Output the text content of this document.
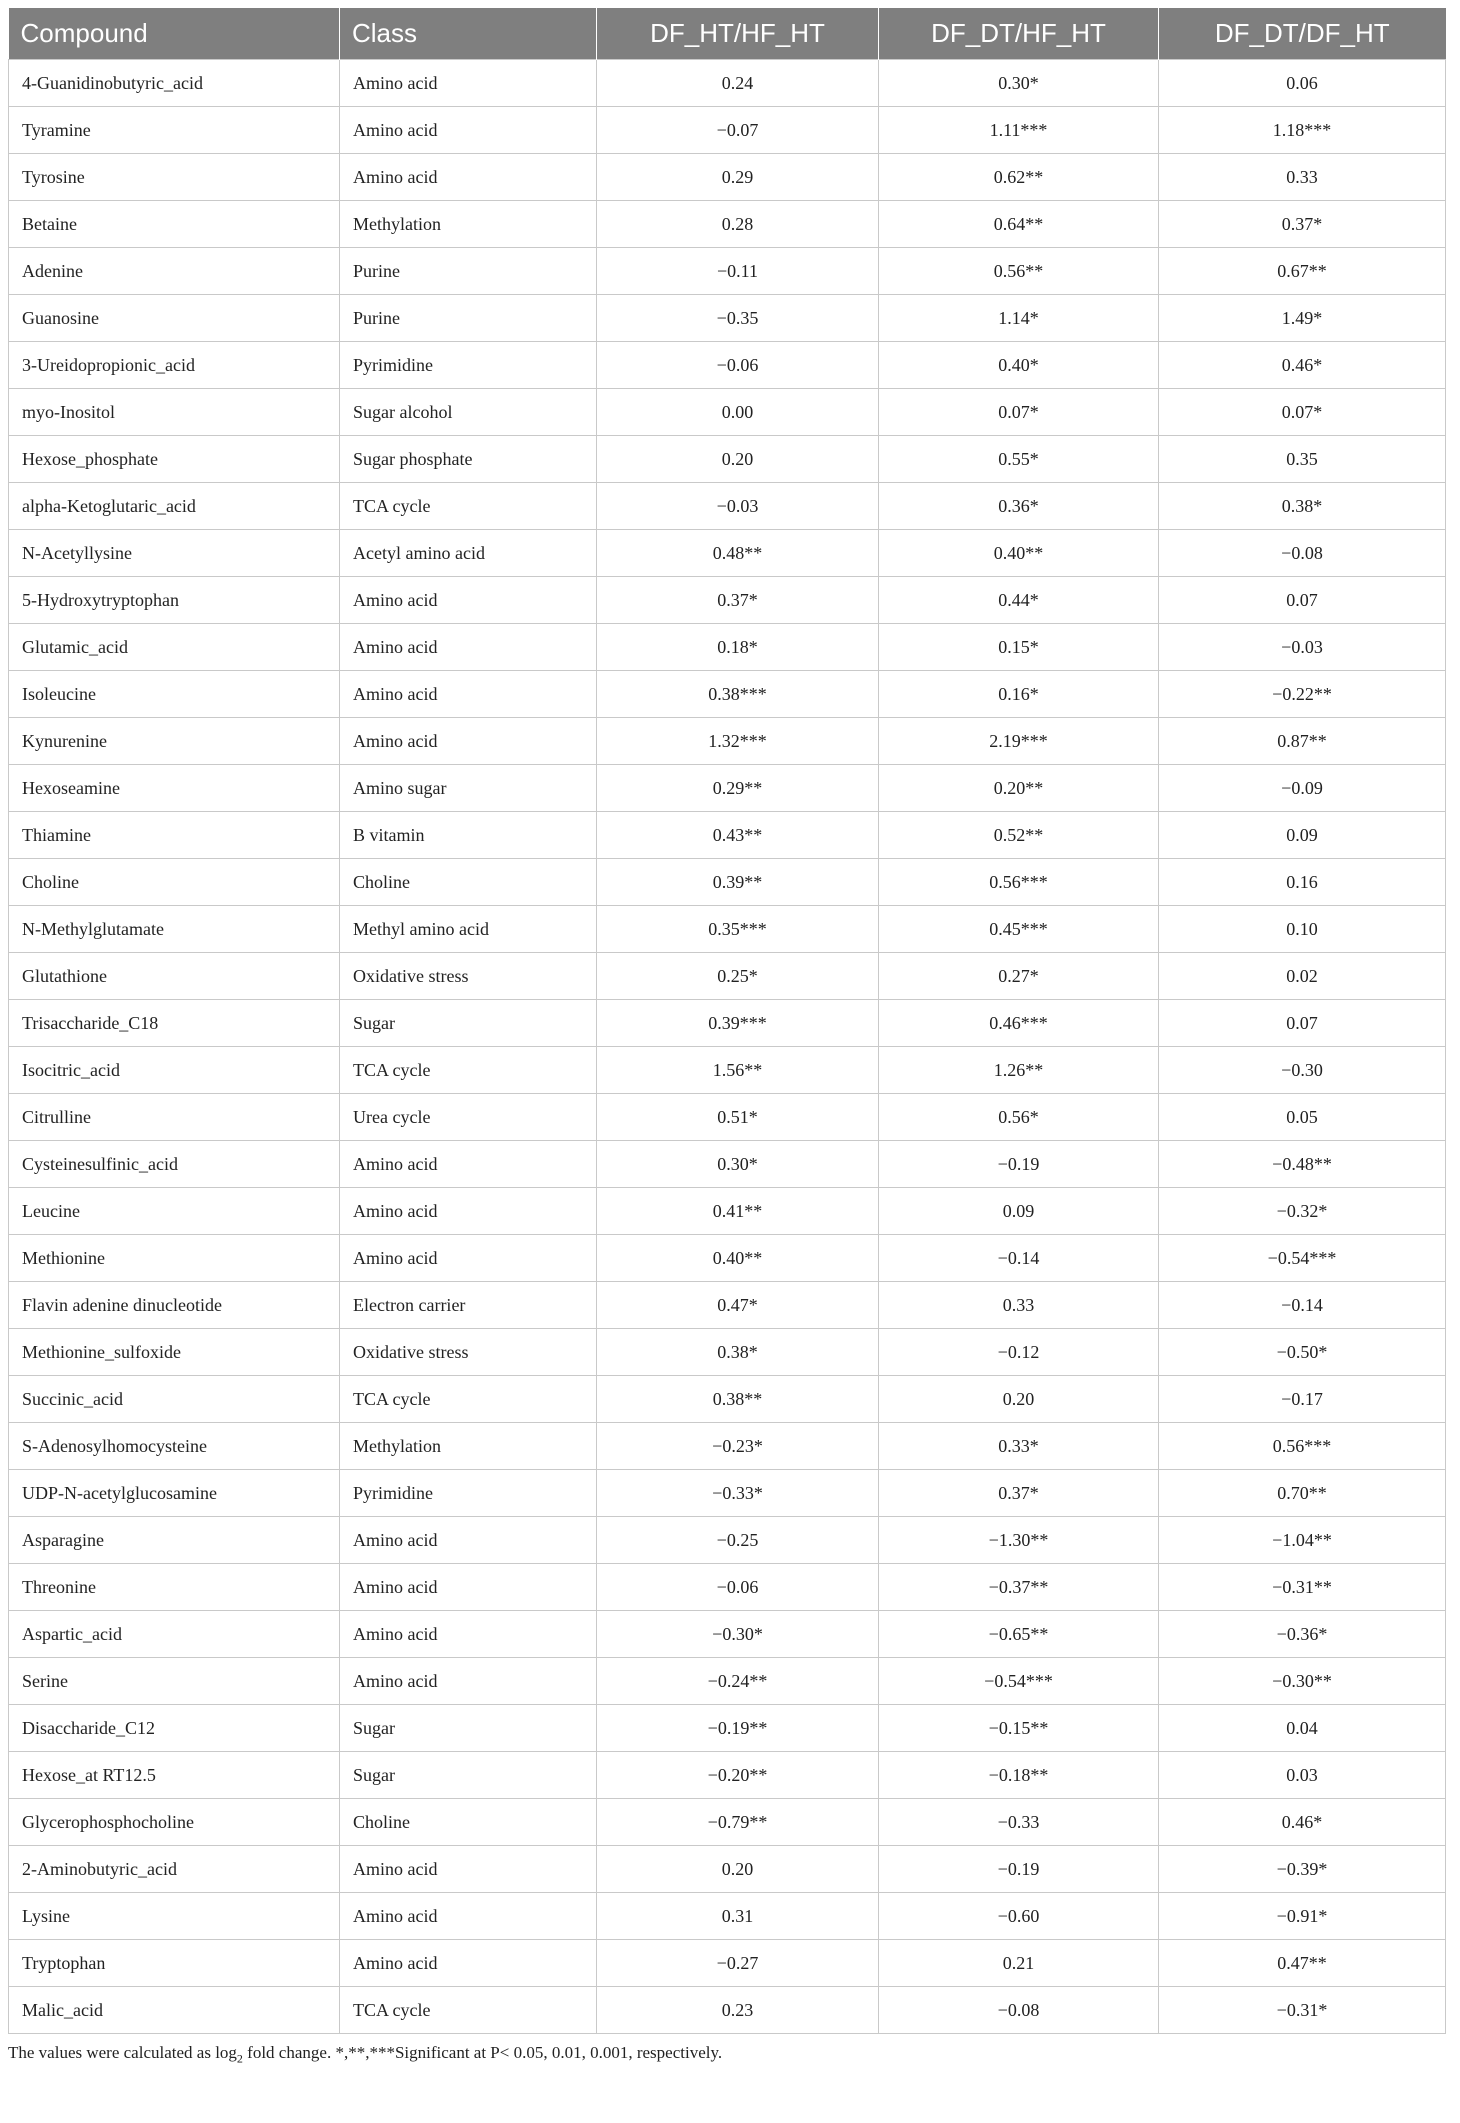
Compound	Class	DF_HT/HF_HT	DF_DT/HF_HT	DF_DT/DF_HT
4-Guanidinobutyric_acid	Amino acid	0.24	0.30*	0.06
Tyramine	Amino acid	−0.07	1.11***	1.18***
Tyrosine	Amino acid	0.29	0.62**	0.33
Betaine	Methylation	0.28	0.64**	0.37*
Adenine	Purine	−0.11	0.56**	0.67**
Guanosine	Purine	−0.35	1.14*	1.49*
3-Ureidopropionic_acid	Pyrimidine	−0.06	0.40*	0.46*
myo-Inositol	Sugar alcohol	0.00	0.07*	0.07*
Hexose_phosphate	Sugar phosphate	0.20	0.55*	0.35
alpha-Ketoglutaric_acid	TCA cycle	−0.03	0.36*	0.38*
N-Acetyllysine	Acetyl amino acid	0.48**	0.40**	−0.08
5-Hydroxytryptophan	Amino acid	0.37*	0.44*	0.07
Glutamic_acid	Amino acid	0.18*	0.15*	−0.03
Isoleucine	Amino acid	0.38***	0.16*	−0.22**
Kynurenine	Amino acid	1.32***	2.19***	0.87**
Hexoseamine	Amino sugar	0.29**	0.20**	−0.09
Thiamine	B vitamin	0.43**	0.52**	0.09
Choline	Choline	0.39**	0.56***	0.16
N-Methylglutamate	Methyl amino acid	0.35***	0.45***	0.10
Glutathione	Oxidative stress	0.25*	0.27*	0.02
Trisaccharide_C18	Sugar	0.39***	0.46***	0.07
Isocitric_acid	TCA cycle	1.56**	1.26**	−0.30
Citrulline	Urea cycle	0.51*	0.56*	0.05
Cysteinesulfinic_acid	Amino acid	0.30*	−0.19	−0.48**
Leucine	Amino acid	0.41**	0.09	−0.32*
Methionine	Amino acid	0.40**	−0.14	−0.54***
Flavin adenine dinucleotide	Electron carrier	0.47*	0.33	−0.14
Methionine_sulfoxide	Oxidative stress	0.38*	−0.12	−0.50*
Succinic_acid	TCA cycle	0.38**	0.20	−0.17
S-Adenosylhomocysteine	Methylation	−0.23*	0.33*	0.56***
UDP-N-acetylglucosamine	Pyrimidine	−0.33*	0.37*	0.70**
Asparagine	Amino acid	−0.25	−1.30**	−1.04**
Threonine	Amino acid	−0.06	−0.37**	−0.31**
Aspartic_acid	Amino acid	−0.30*	−0.65**	−0.36*
Serine	Amino acid	−0.24**	−0.54***	−0.30**
Disaccharide_C12	Sugar	−0.19**	−0.15**	0.04
Hexose_at RT12.5	Sugar	−0.20**	−0.18**	0.03
Glycerophosphocholine	Choline	−0.79**	−0.33	0.46*
2-Aminobutyric_acid	Amino acid	0.20	−0.19	−0.39*
Lysine	Amino acid	0.31	−0.60	−0.91*
Tryptophan	Amino acid	−0.27	0.21	0.47**
Malic_acid	TCA cycle	0.23	−0.08	−0.31*
The values were calculated as $\log_2$ fold change. *,**,***Significant at P< 0.05, 0.01, 0.001, respectively.
